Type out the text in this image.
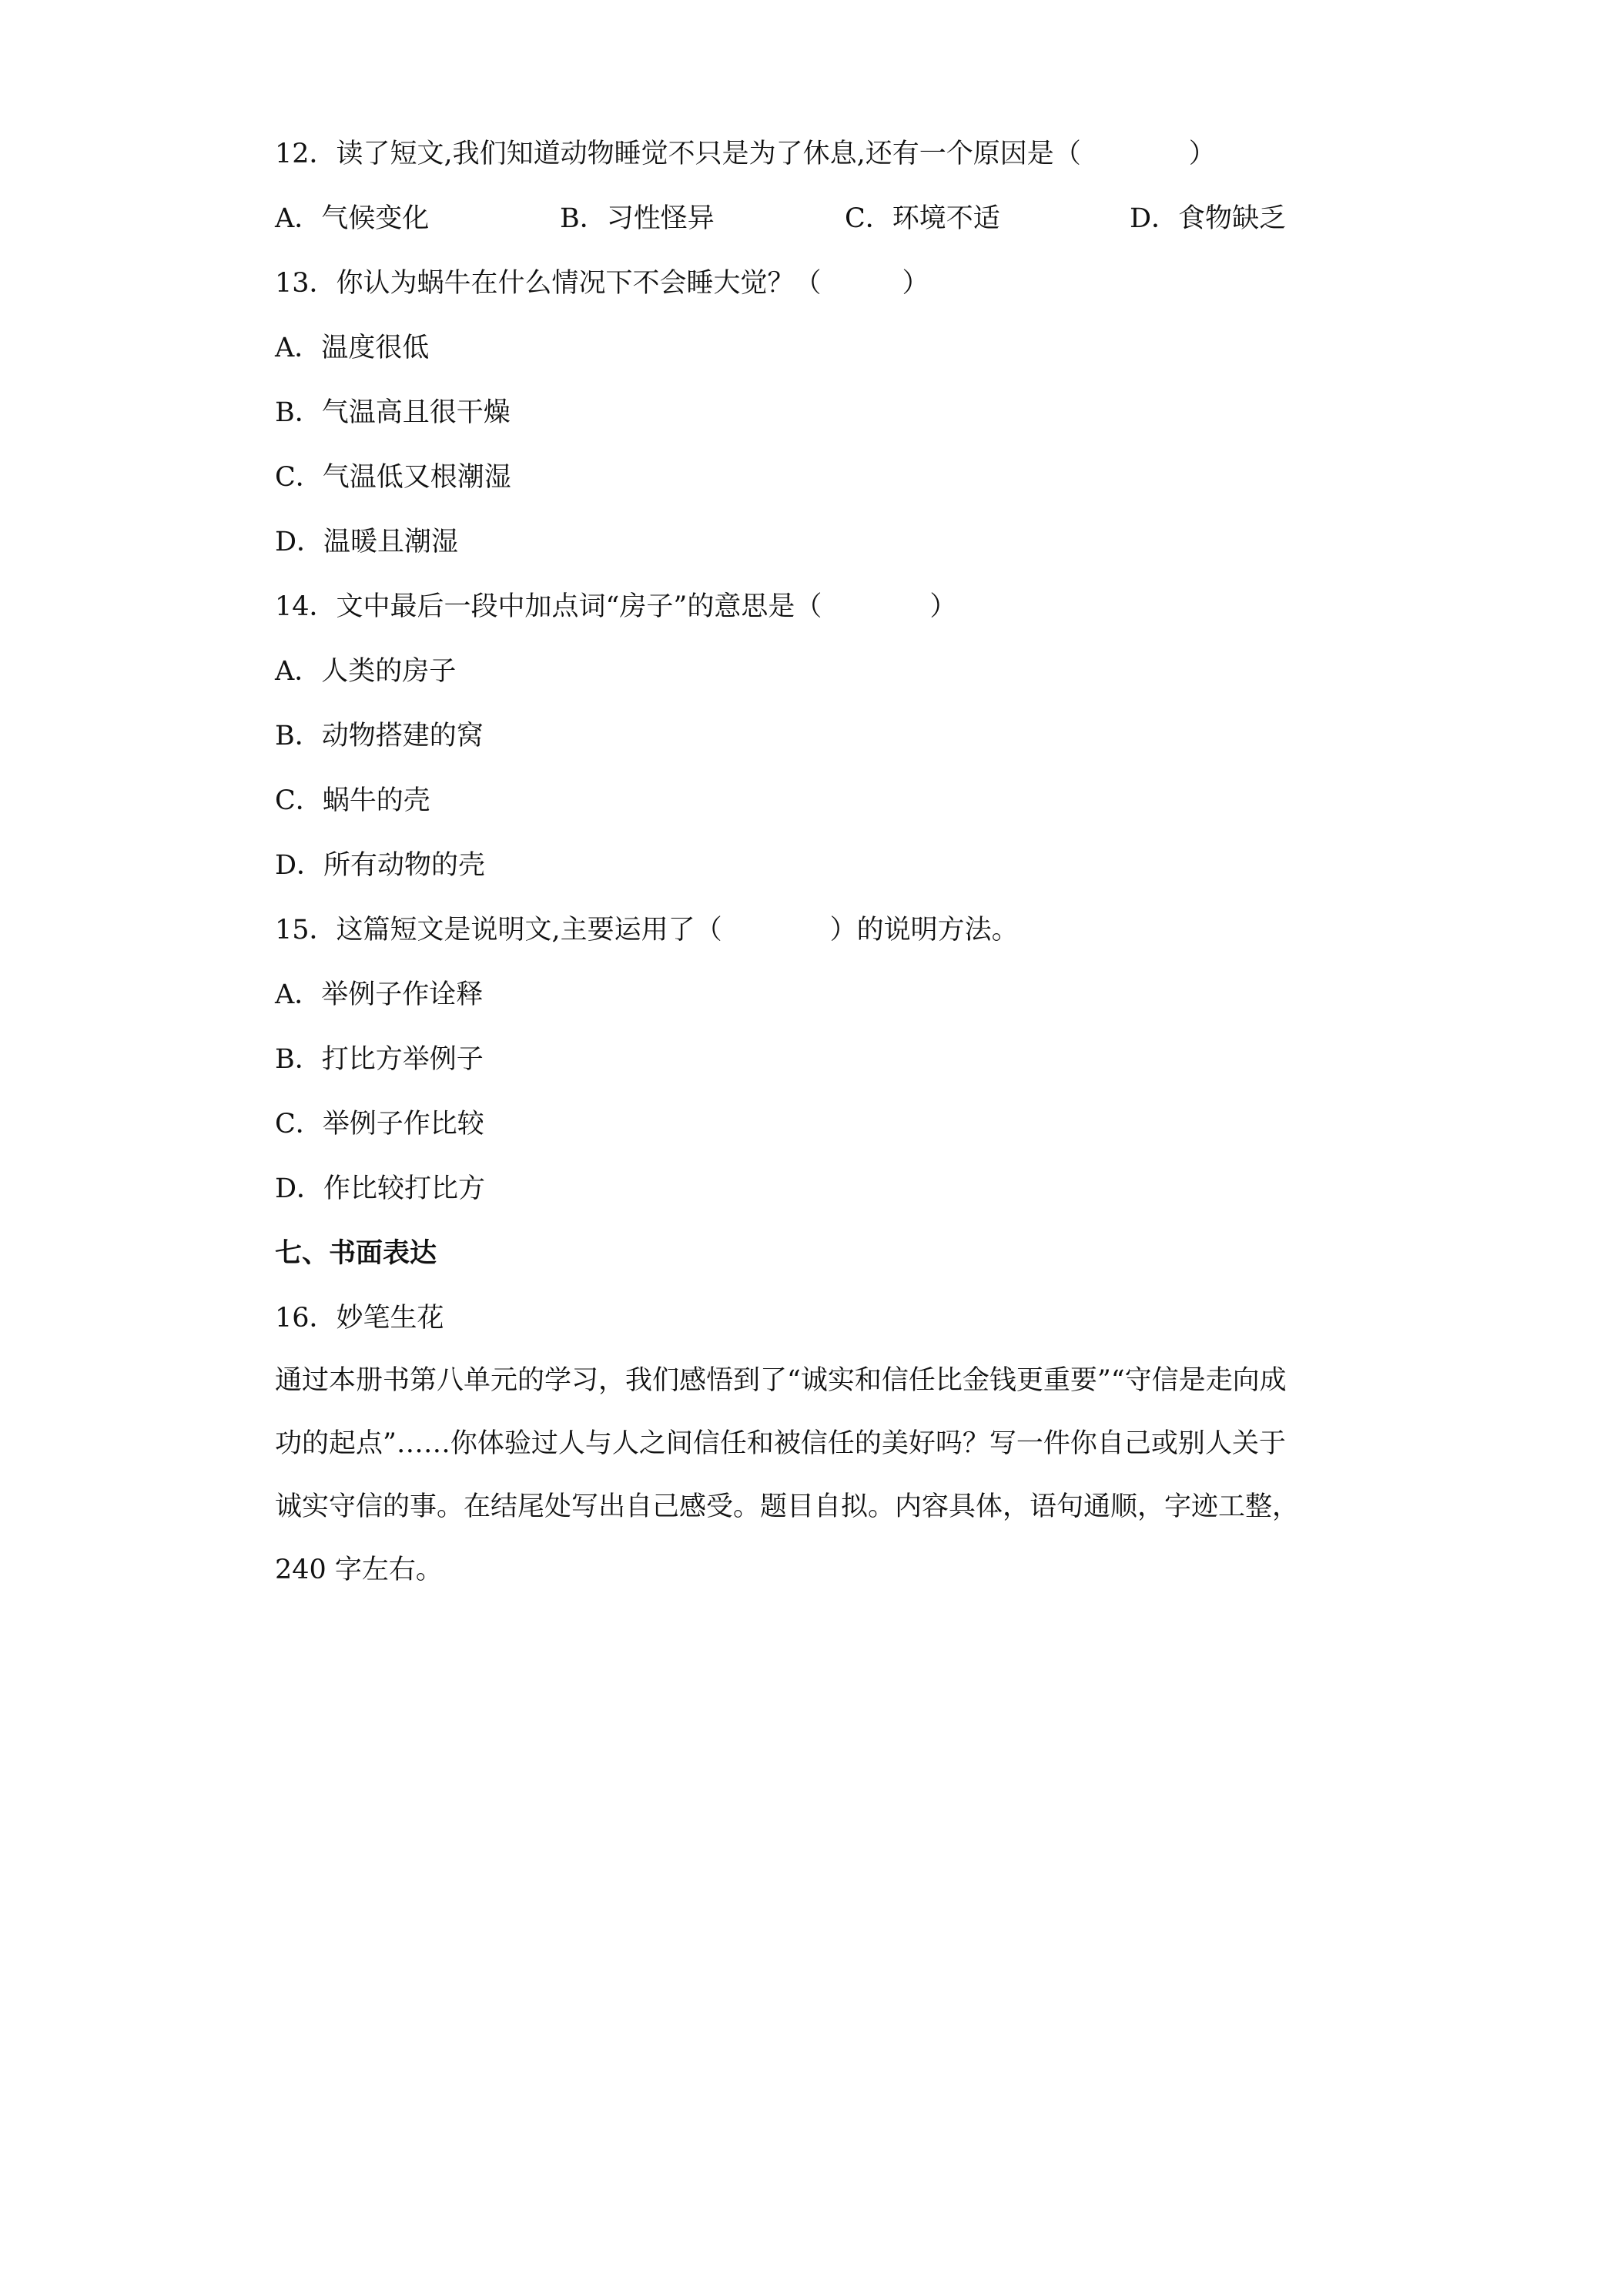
12．读了短文,我们知道动物睡觉不只是为了休息,还有一个原因是（　　　　）

A．气候变化

	B．习性怪异

	C．环境不适

	D．食物缺乏

13．你认为蜗牛在什么情况下不会睡大觉？（　　　）
A．温度很低
B．气温高且很干燥
C．气温低又根潮湿
D．温暖且潮湿
14．文中最后一段中加点词“房子”的意思是（　　　　）
A．人类的房子
B．动物搭建的窝
C．蜗牛的壳
D．所有动物的壳
15．这篇短文是说明文,主要运用了（　　　　）的说明方法。
A．举例子作诠释
B．打比方举例子
C．举例子作比较
D．作比较打比方
七、书面表达
16．妙笔生花
通过本册书第八单元的学习，我们感悟到了“诚实和信任比金钱更重要”“守信是走向成
功的起点”……你体验过人与人之间信任和被信任的美好吗？写一件你自己或别人关于
诚实守信的事。在结尾处写出自己感受。题目自拟。内容具体，语句通顺，字迹工整，
240 字左右。
